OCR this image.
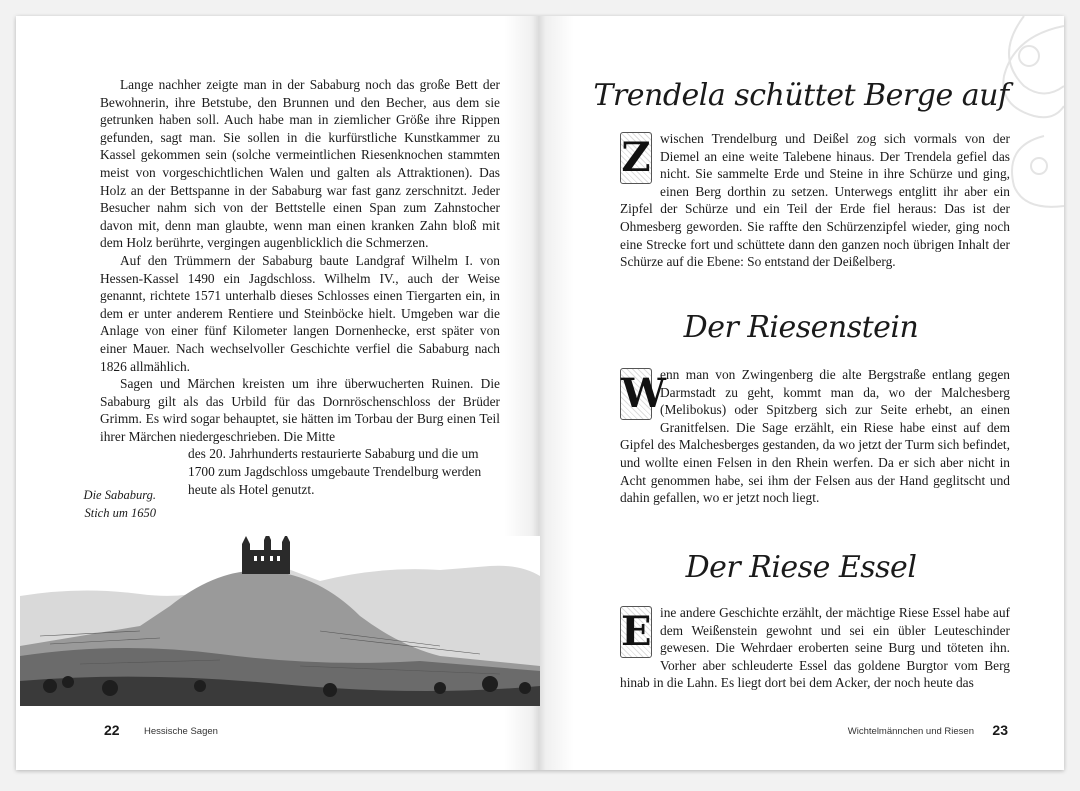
Lange nachher zeigte man in der Sababurg noch das große Bett der Bewohnerin, ihre Betstube, den Brunnen und den Becher, aus dem sie getrunken haben soll. Auch habe man in ziemlicher Größe ihre Rippen gefunden, sagt man. Sie sollen in die kurfürstliche Kunstkammer zu Kassel gekommen sein (solche vermeintlichen Riesenknochen stammten meist von vorgeschichtlichen Walen und galten als Attraktionen). Das Holz an der Bettspanne in der Sababurg war fast ganz zerschnitzt. Jeder Besucher nahm sich von der Bettstelle einen Span zum Zahnstocher davon mit, denn man glaubte, wenn man einen kranken Zahn bloß mit dem Holz berührte, vergingen augenblicklich die Schmerzen.

Auf den Trümmern der Sababurg baute Landgraf Wilhelm I. von Hessen-Kassel 1490 ein Jagdschloss. Wilhelm IV., auch der Weise genannt, richtete 1571 unterhalb dieses Schlosses einen Tiergarten ein, in dem er unter anderem Rentiere und Steinböcke hielt. Umgeben war die Anlage von einer fünf Kilometer langen Dornenhecke, erst später von einer Mauer. Nach wechselvoller Geschichte verfiel die Sababurg nach 1826 allmählich.

Sagen und Märchen kreisten um ihre überwucherten Ruinen. Die Sababurg gilt als das Urbild für das Dornröschenschloss der Brüder Grimm. Es wird sogar behauptet, sie hätten im Torbau der Burg einen Teil ihrer Märchen niedergeschrieben. Die Mitte

des 20. Jahrhunderts restaurierte Sababurg und die um
1700 zum Jagdschloss umgebaute Trendelburg werden
heute als Hotel genutzt.
Die Sababurg.
Stich um 1650
22	Hessische Sagen
Trendela schüttet Berge auf
Z wischen Trendelburg und Deißel zog sich vormals von der Diemel an eine weite Talebene hinaus. Der Trendela gefiel das nicht. Sie sammelte Erde und Steine in ihre Schürze und ging, einen Berg dorthin zu setzen. Unterwegs entglitt ihr aber ein Zipfel der Schürze und ein Teil der Erde fiel heraus: Das ist der Ohmesberg geworden. Sie raffte den Schürzenzipfel wieder, ging noch eine Strecke fort und schüttete dann den ganzen noch übrigen Inhalt der Schürze auf die Ebene: So entstand der Deißelberg.

Der Riesenstein
W

enn man von Zwingenberg die alte Bergstraße entlang gegen Darmstadt zu geht, kommt man da, wo der Malchesberg (Melibokus) oder Spitzberg sich zur Seite erhebt, an einen Granitfelsen. Die Sage erzählt, ein Riese habe einst auf dem Gipfel des Malchesberges gestanden, da wo jetzt der Turm sich befindet, und wollte einen Felsen in den Rhein werfen. Da er sich aber nicht in Acht genommen habe, sei ihm der Felsen aus der Hand geglitscht und dahin gefallen, wo er jetzt noch liegt.

Der Riese Essel
E ine andere Geschichte erzählt, der mächtige Riese Essel habe auf dem Weißenstein gewohnt und sei ein übler Leuteschinder gewesen. Die Wehrdaer eroberten seine Burg und töteten ihn. Vorher aber schleuderte Essel das goldene Burgtor vom Berg hinab in die Lahn. Es liegt dort bei dem Acker, der noch heute das

Wichtelmännchen und Riesen 23
